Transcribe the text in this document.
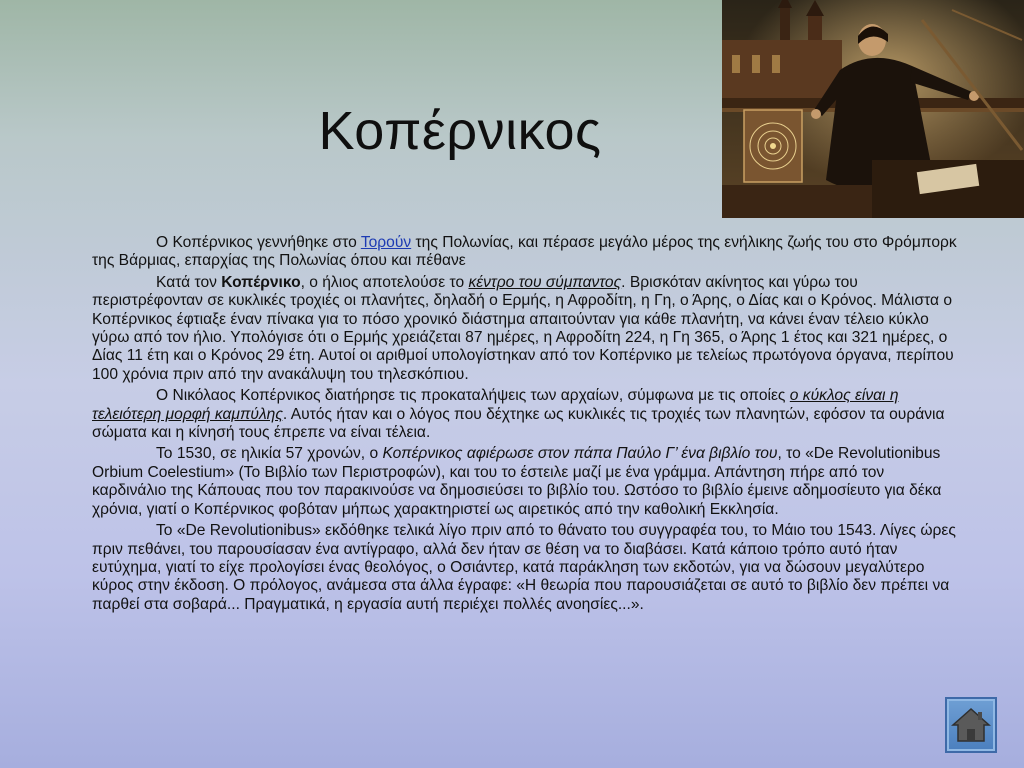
Κοπέρνικος

Ο Κοπέρνικος γεννήθηκε στο Τορούν της Πολωνίας, και πέρασε μεγάλο μέρος της ενήλικης ζωής του στο Φρόμπορκ της Βάρμιας, επαρχίας της Πολωνίας όπου και πέθανε

Κατά τον Κοπέρνικο, ο ήλιος αποτελούσε το κέντρο του σύμπαντος. Βρισκόταν ακίνητος και γύρω του περιστρέφονταν σε κυκλικές τροχιές οι πλανήτες, δηλαδή ο Ερμής, η Αφροδίτη, η Γη, ο Άρης, ο Δίας και ο Κρόνος. Μάλιστα ο Κοπέρνικος έφτιαξε έναν πίνακα για το πόσο χρονικό διάστημα απαιτούνταν για κάθε πλανήτη, να κάνει έναν τέλειο κύκλο γύρω από τον ήλιο. Υπολόγισε ότι ο Ερμής χρειάζεται 87 ημέρες, η Αφροδίτη 224, η Γη 365, ο Άρης 1 έτος και 321 ημέρες, ο Δίας 11 έτη και ο Κρόνος 29 έτη. Αυτοί οι αριθμοί υπολογίστηκαν από τον Κοπέρνικο με τελείως πρωτόγονα όργανα, περίπου 100 χρόνια πριν από την ανακάλυψη του τηλεσκόπιου.

Ο Νικόλαος Κοπέρνικος διατήρησε τις προκαταλήψεις των αρχαίων, σύμφωνα με τις οποίες ο κύκλος είναι η τελειότερη μορφή καμπύλης. Αυτός ήταν και ο λόγος που δέχτηκε ως κυκλικές τις τροχιές των πλανητών, εφόσον τα ουράνια σώματα και η κίνησή τους έπρεπε να είναι τέλεια.

Το 1530, σε ηλικία 57 χρονών, ο Κοπέρνικος αφιέρωσε στον πάπα Παύλο Γ’ ένα βιβλίο του, το «De Revolutionibus Orbium Coelestium» (Το Βιβλίο των Περιστροφών), και του το έστειλε μαζί με ένα γράμμα. Απάντηση πήρε από τον καρδινάλιο της Κάπουας που τον παρακινούσε να δημοσιεύσει το βιβλίο του. Ωστόσο το βιβλίο έμεινε αδημοσίευτο για δέκα χρόνια, γιατί ο Κοπέρνικος φοβόταν μήπως χαρακτηριστεί ως αιρετικός από την καθολική Εκκλησία.

Το «De Revolutionibus» εκδόθηκε τελικά λίγο πριν από το θάνατο του συγγραφέα του, το Μάιο του 1543. Λίγες ώρες πριν πεθάνει, του παρουσίασαν ένα αντίγραφο, αλλά δεν ήταν σε θέση να το διαβάσει. Κατά κάποιο τρόπο αυτό ήταν ευτύχημα, γιατί το είχε προλογίσει ένας θεολόγος, ο Οσιάντερ, κατά παράκληση των εκδοτών, για να δώσουν μεγαλύτερο κύρος στην έκδοση. Ο πρόλογος, ανάμεσα στα άλλα έγραφε: «Η θεωρία που παρουσιάζεται σε αυτό το βιβλίο δεν πρέπει να παρθεί στα σοβαρά... Πραγματικά, η εργασία αυτή περιέχει πολλές ανοησίες...».
